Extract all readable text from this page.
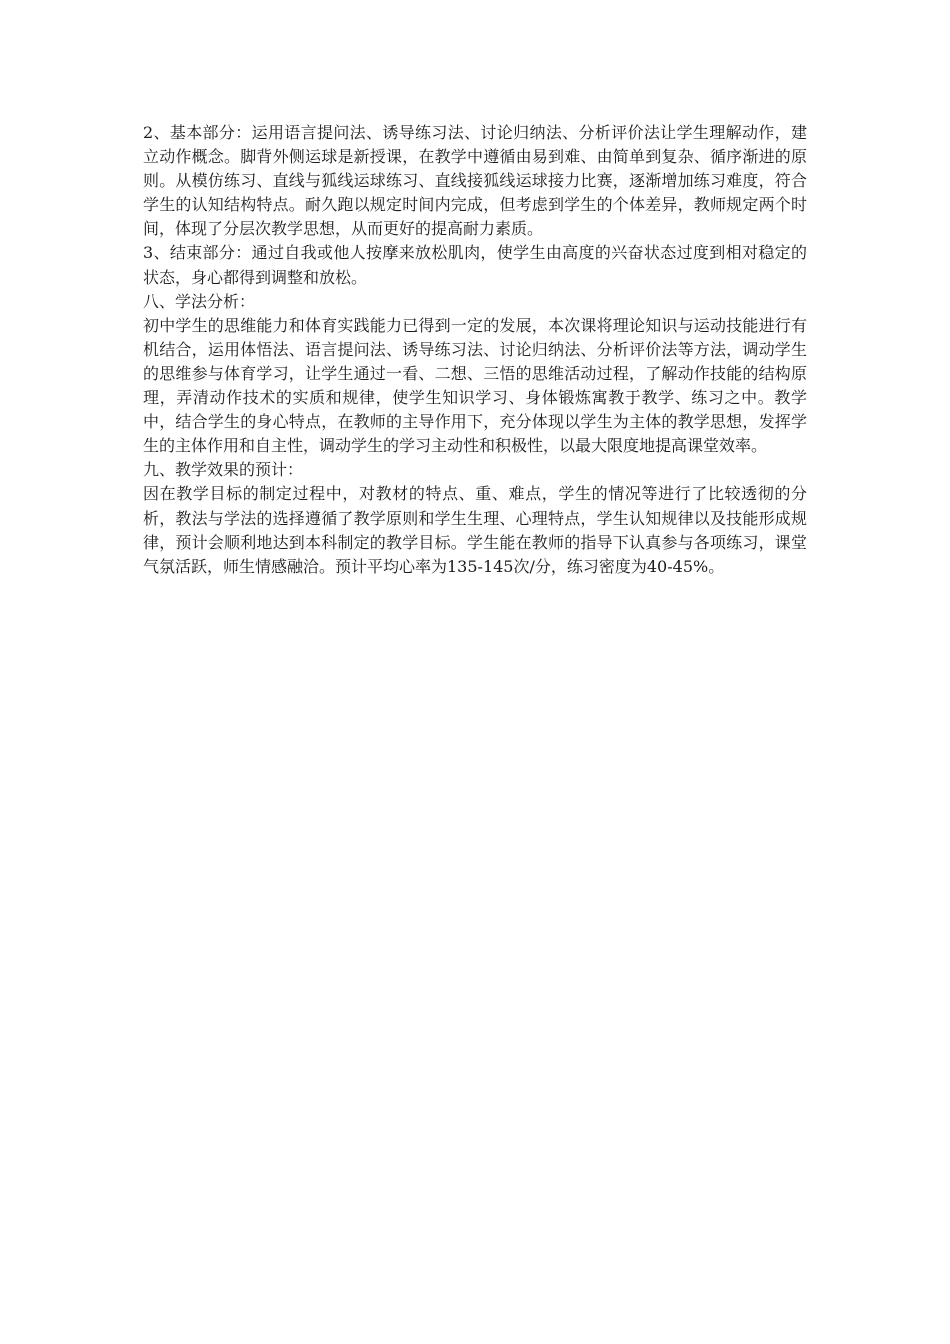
2、基本部分：运用语言提问法、诱导练习法、讨论归纳法、分析评价法让学生理解动作，建立动作概念。脚背外侧运球是新授课，在教学中遵循由易到难、由简单到复杂、循序渐进的原则。从模仿练习、直线与狐线运球练习、直线接狐线运球接力比赛，逐渐增加练习难度，符合学生的认知结构特点。耐久跑以规定时间内完成，但考虑到学生的个体差异，教师规定两个时间，体现了分层次教学思想，从而更好的提高耐力素质。

3、结束部分：通过自我或他人按摩来放松肌肉，使学生由高度的兴奋状态过度到相对稳定的状态，身心都得到调整和放松。

八、学法分析：

初中学生的思维能力和体育实践能力已得到一定的发展，本次课将理论知识与运动技能进行有机结合，运用体悟法、语言提问法、诱导练习法、讨论归纳法、分析评价法等方法，调动学生的思维参与体育学习，让学生通过一看、二想、三悟的思维活动过程，了解动作技能的结构原理，弄清动作技术的实质和规律，使学生知识学习、身体锻炼寓教于教学、练习之中。教学中，结合学生的身心特点，在教师的主导作用下，充分体现以学生为主体的教学思想，发挥学生的主体作用和自主性，调动学生的学习主动性和积极性，以最大限度地提高课堂效率。

九、教学效果的预计：

因在教学目标的制定过程中，对教材的特点、重、难点，学生的情况等进行了比较透彻的分析，教法与学法的选择遵循了教学原则和学生生理、心理特点，学生认知规律以及技能形成规律，预计会顺利地达到本科制定的教学目标。学生能在教师的指导下认真参与各项练习，课堂气氛活跃，师生情感融洽。预计平均心率为135-145次/分，练习密度为40-45%。
